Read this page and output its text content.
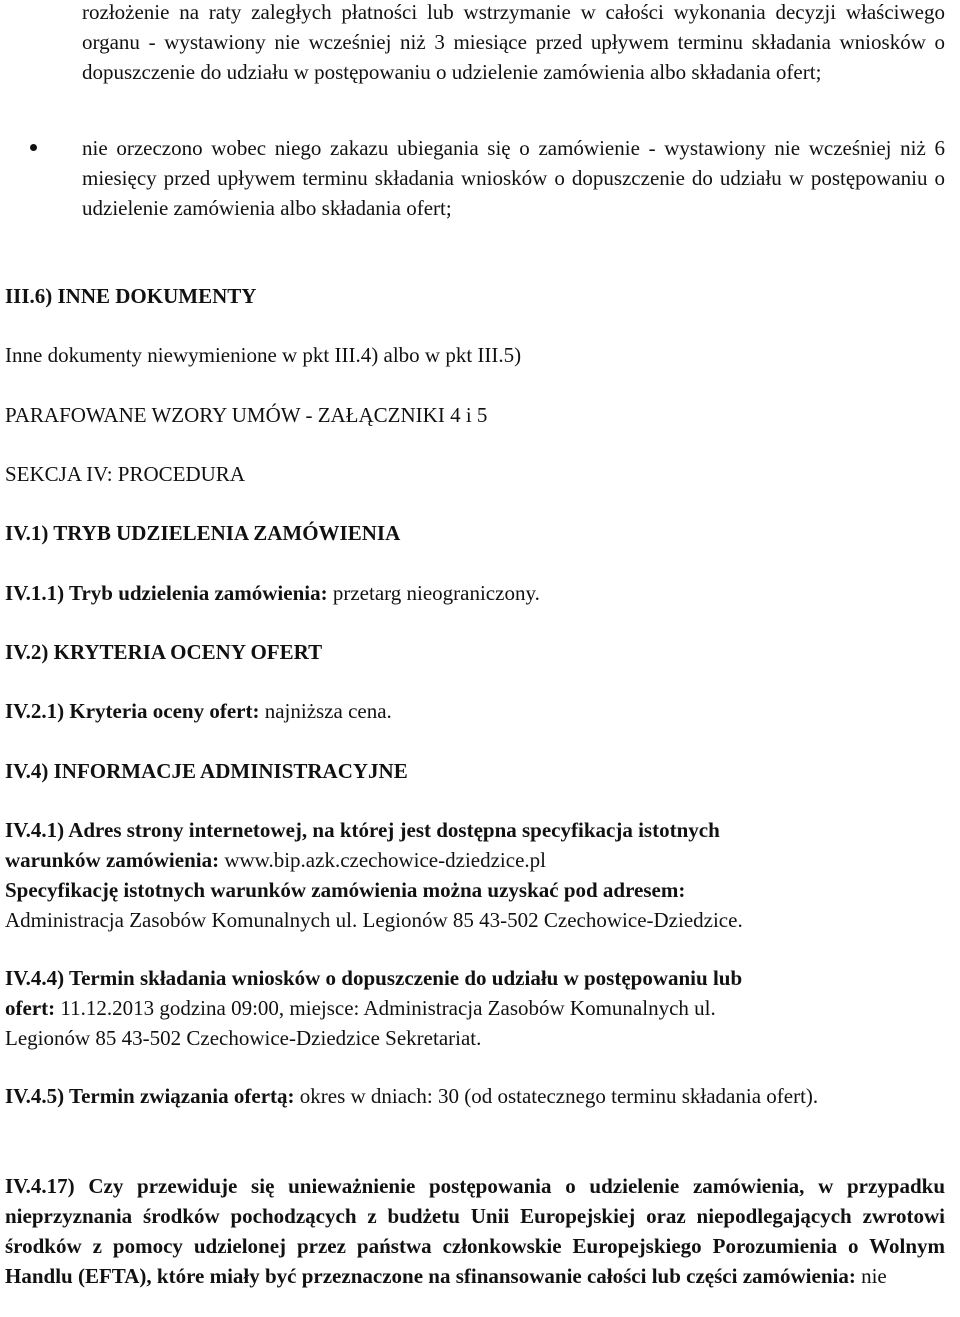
rozłożenie na raty zaległych płatności lub wstrzymanie w całości wykonania decyzji właściwego organu - wystawiony nie wcześniej niż 3 miesiące przed upływem terminu składania wniosków o dopuszczenie do udziału w postępowaniu o udzielenie zamówienia albo składania ofert;
nie orzeczono wobec niego zakazu ubiegania się o zamówienie - wystawiony nie wcześniej niż 6 miesięcy przed upływem terminu składania wniosków o dopuszczenie do udziału w postępowaniu o udzielenie zamówienia albo składania ofert;
III.6) INNE DOKUMENTY
Inne dokumenty niewymienione w pkt III.4) albo w pkt III.5)
PARAFOWANE WZORY UMÓW - ZAŁĄCZNIKI 4 i 5
SEKCJA IV: PROCEDURA
IV.1) TRYB UDZIELENIA ZAMÓWIENIA
IV.1.1) Tryb udzielenia zamówienia: przetarg nieograniczony.
IV.2) KRYTERIA OCENY OFERT
IV.2.1) Kryteria oceny ofert: najniższa cena.
IV.4) INFORMACJE ADMINISTRACYJNE
IV.4.1) Adres strony internetowej, na której jest dostępna specyfikacja istotnych
warunków zamówienia: www.bip.azk.czechowice-dziedzice.pl
Specyfikację istotnych warunków zamówienia można uzyskać pod adresem:
Administracja Zasobów Komunalnych ul. Legionów 85 43-502 Czechowice-Dziedzice.
IV.4.4) Termin składania wniosków o dopuszczenie do udziału w postępowaniu lub
ofert: 11.12.2013 godzina 09:00, miejsce: Administracja Zasobów Komunalnych ul.
Legionów 85 43-502 Czechowice-Dziedzice Sekretariat.
IV.4.5) Termin związania ofertą: okres w dniach: 30 (od ostatecznego terminu składania ofert).
IV.4.17) Czy przewiduje się unieważnienie postępowania o udzielenie zamówienia, w przypadku nieprzyznania środków pochodzących z budżetu Unii Europejskiej oraz niepodlegających zwrotowi środków z pomocy udzielonej przez państwa członkowskie Europejskiego Porozumienia o Wolnym Handlu (EFTA), które miały być przeznaczone na sfinansowanie całości lub części zamówienia: nie
